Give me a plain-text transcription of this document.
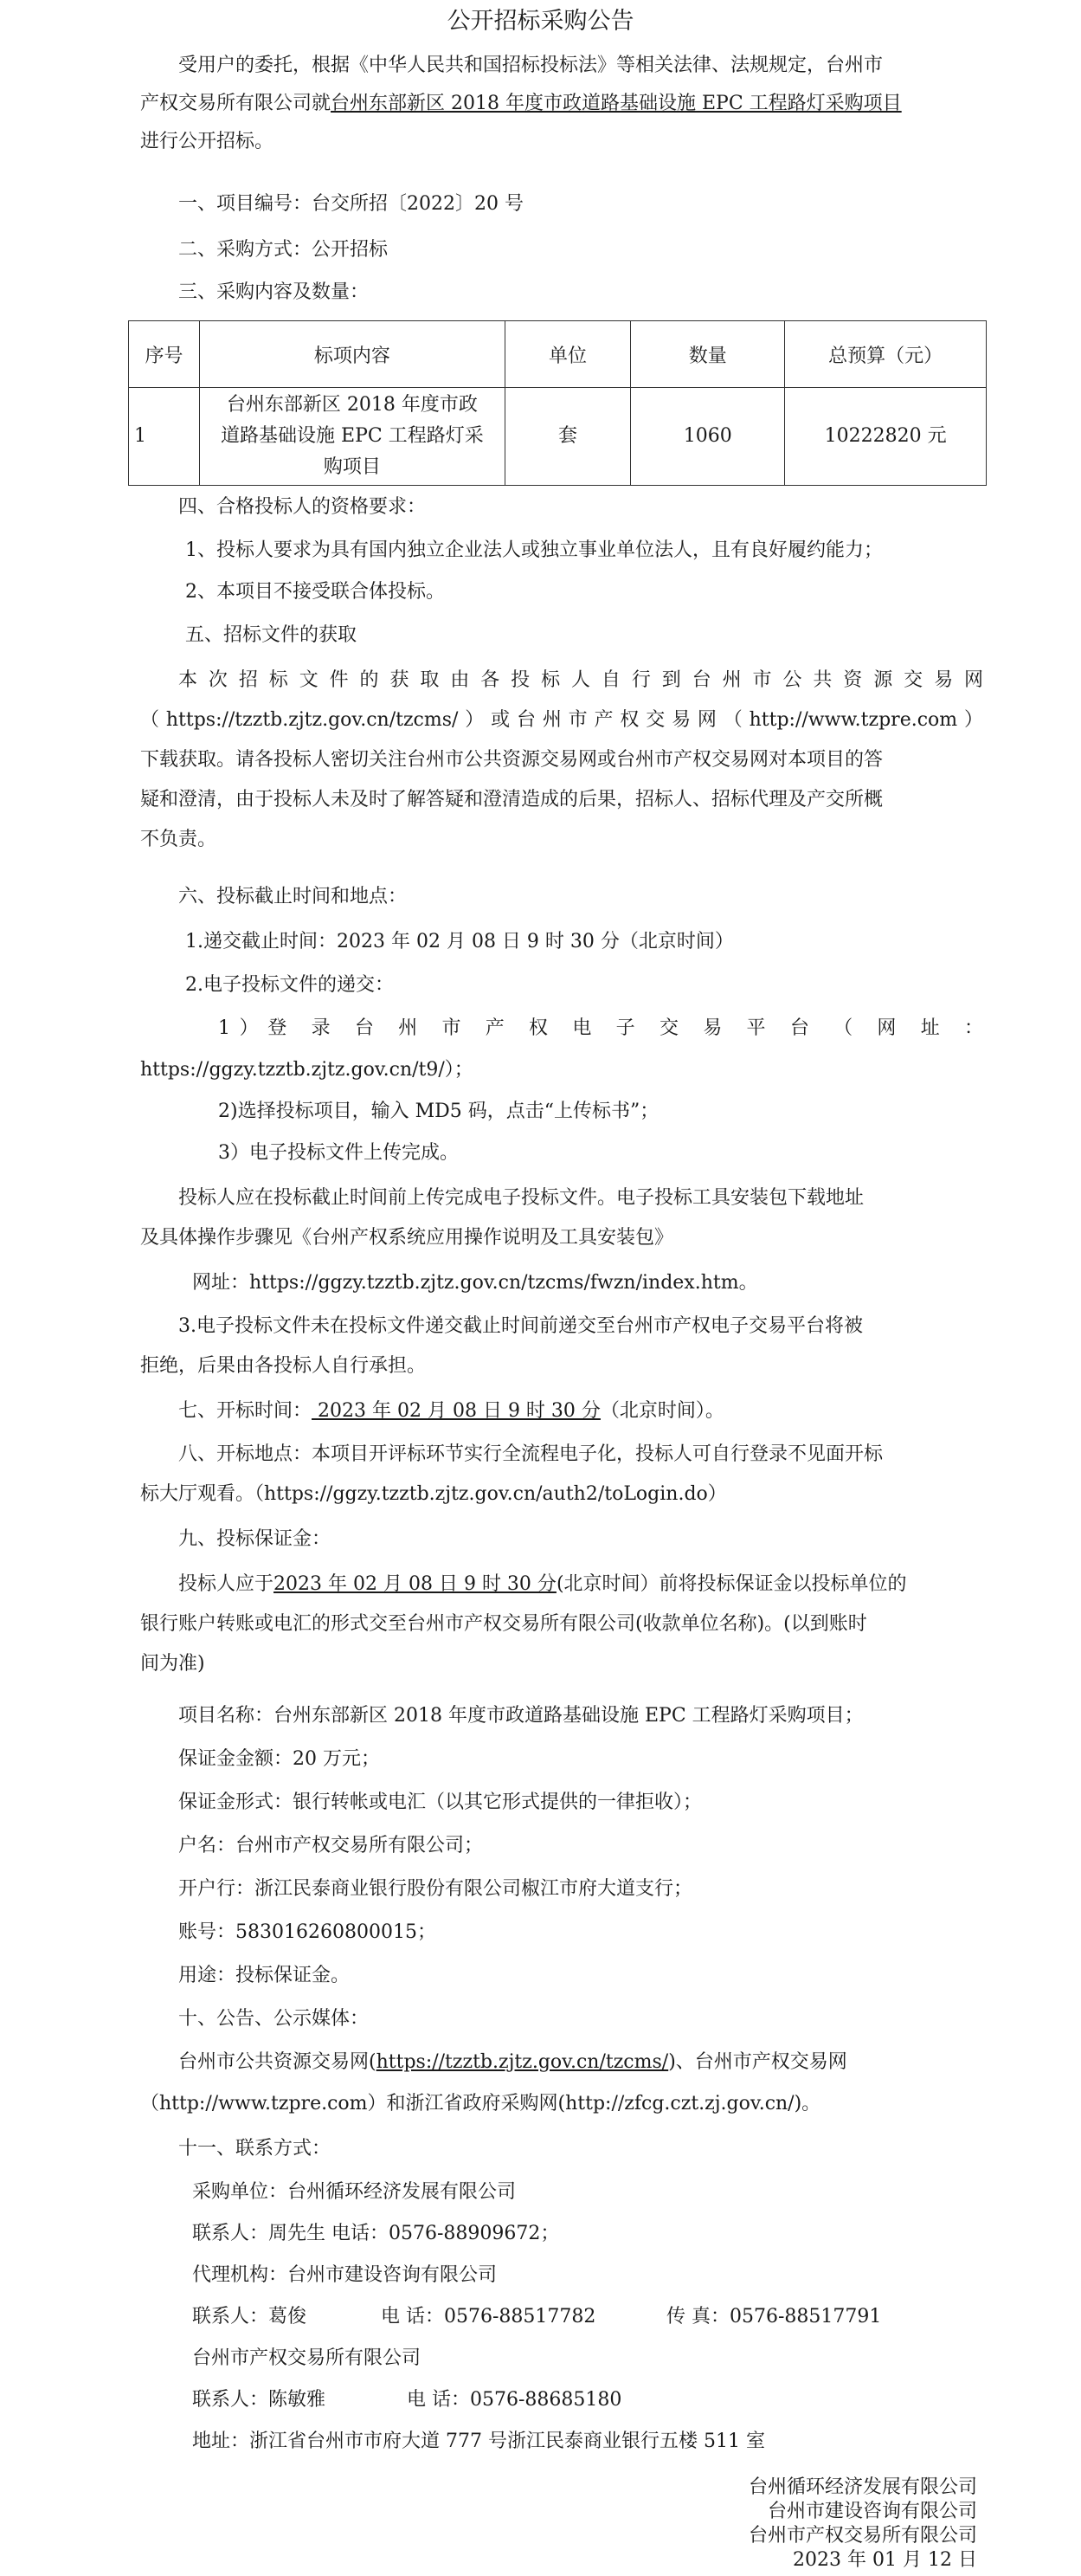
公开招标采购公告
受用户的委托，根据《中华人民共和国招标投标法》等相关法律、法规规定，台州市
产权交易所有限公司就台州东部新区 2018 年度市政道路基础设施 EPC 工程路灯采购项目
进行公开招标。
一、项目编号：台交所招〔2022〕20 号
二、采购方式：公开招标
三、采购内容及数量：
序号	标项内容	单位	数量	总预算（元）
1	台州东部新区 2018 年度市政
道路基础设施 EPC 工程路灯采
购项目	套	1060	10222820 元
四、合格投标人的资格要求：
1、投标人要求为具有国内独立企业法人或独立事业单位法人，且有良好履约能力；
2、本项目不接受联合体投标。
五、招标文件的获取
本次招标文件的获取由各投标人自行到台州市公共资源交易网
（https://tzztb.zjtz.gov.cn/tzcms/）或台州市产权交易网（http://www.tzpre.com）
下载获取。请各投标人密切关注台州市公共资源交易网或台州市产权交易网对本项目的答
疑和澄清，由于投标人未及时了解答疑和澄清造成的后果，招标人、招标代理及产交所概
不负责。
六、投标截止时间和地点：
1.递交截止时间：2023 年 02 月 08 日 9 时 30 分（北京时间）
2.电子投标文件的递交：
1）登 录 台 州 市 产 权 电 子 交 易 平 台 （ 网 址 ：
https://ggzy.tzztb.zjtz.gov.cn/t9/）；
2)选择投标项目，输入 MD5 码，点击“上传标书”；
3）电子投标文件上传完成。
投标人应在投标截止时间前上传完成电子投标文件。电子投标工具安装包下载地址
及具体操作步骤见《台州产权系统应用操作说明及工具安装包》
网址：https://ggzy.tzztb.zjtz.gov.cn/tzcms/fwzn/index.htm。
3.电子投标文件未在投标文件递交截止时间前递交至台州市产权电子交易平台将被
拒绝，后果由各投标人自行承担。
七、开标时间： 2023 年 02 月 08 日 9 时 30 分（北京时间）。
八、开标地点：本项目开评标环节实行全流程电子化，投标人可自行登录不见面开标
标大厅观看。（https://ggzy.tzztb.zjtz.gov.cn/auth2/toLogin.do）
九、投标保证金：
投标人应于2023 年 02 月 08 日 9 时 30 分(北京时间）前将投标保证金以投标单位的
银行账户转账或电汇的形式交至台州市产权交易所有限公司(收款单位名称)。(以到账时
间为准)
项目名称：台州东部新区 2018 年度市政道路基础设施 EPC 工程路灯采购项目；
保证金金额：20 万元；
保证金形式：银行转帐或电汇（以其它形式提供的一律拒收）；
户名：台州市产权交易所有限公司；
开户行：浙江民泰商业银行股份有限公司椒江市府大道支行；
账号：583016260800015；
用途：投标保证金。
十、公告、公示媒体：
台州市公共资源交易网(https://tzztb.zjtz.gov.cn/tzcms/)、台州市产权交易网
（http://www.tzpre.com）和浙江省政府采购网(http://zfcg.czt.zj.gov.cn/)。
十一、联系方式：
采购单位：台州循环经济发展有限公司
联系人：周先生 电话：0576-88909672；
代理机构：台州市建设咨询有限公司
联系人：葛俊	电 话：0576-88517782	传 真：0576-88517791
台州市产权交易所有限公司
联系人：陈敏雅	电 话：0576-88685180
地址：浙江省台州市市府大道 777 号浙江民泰商业银行五楼 511 室
台州循环经济发展有限公司
台州市建设咨询有限公司
台州市产权交易所有限公司
2023 年 01 月 12 日
